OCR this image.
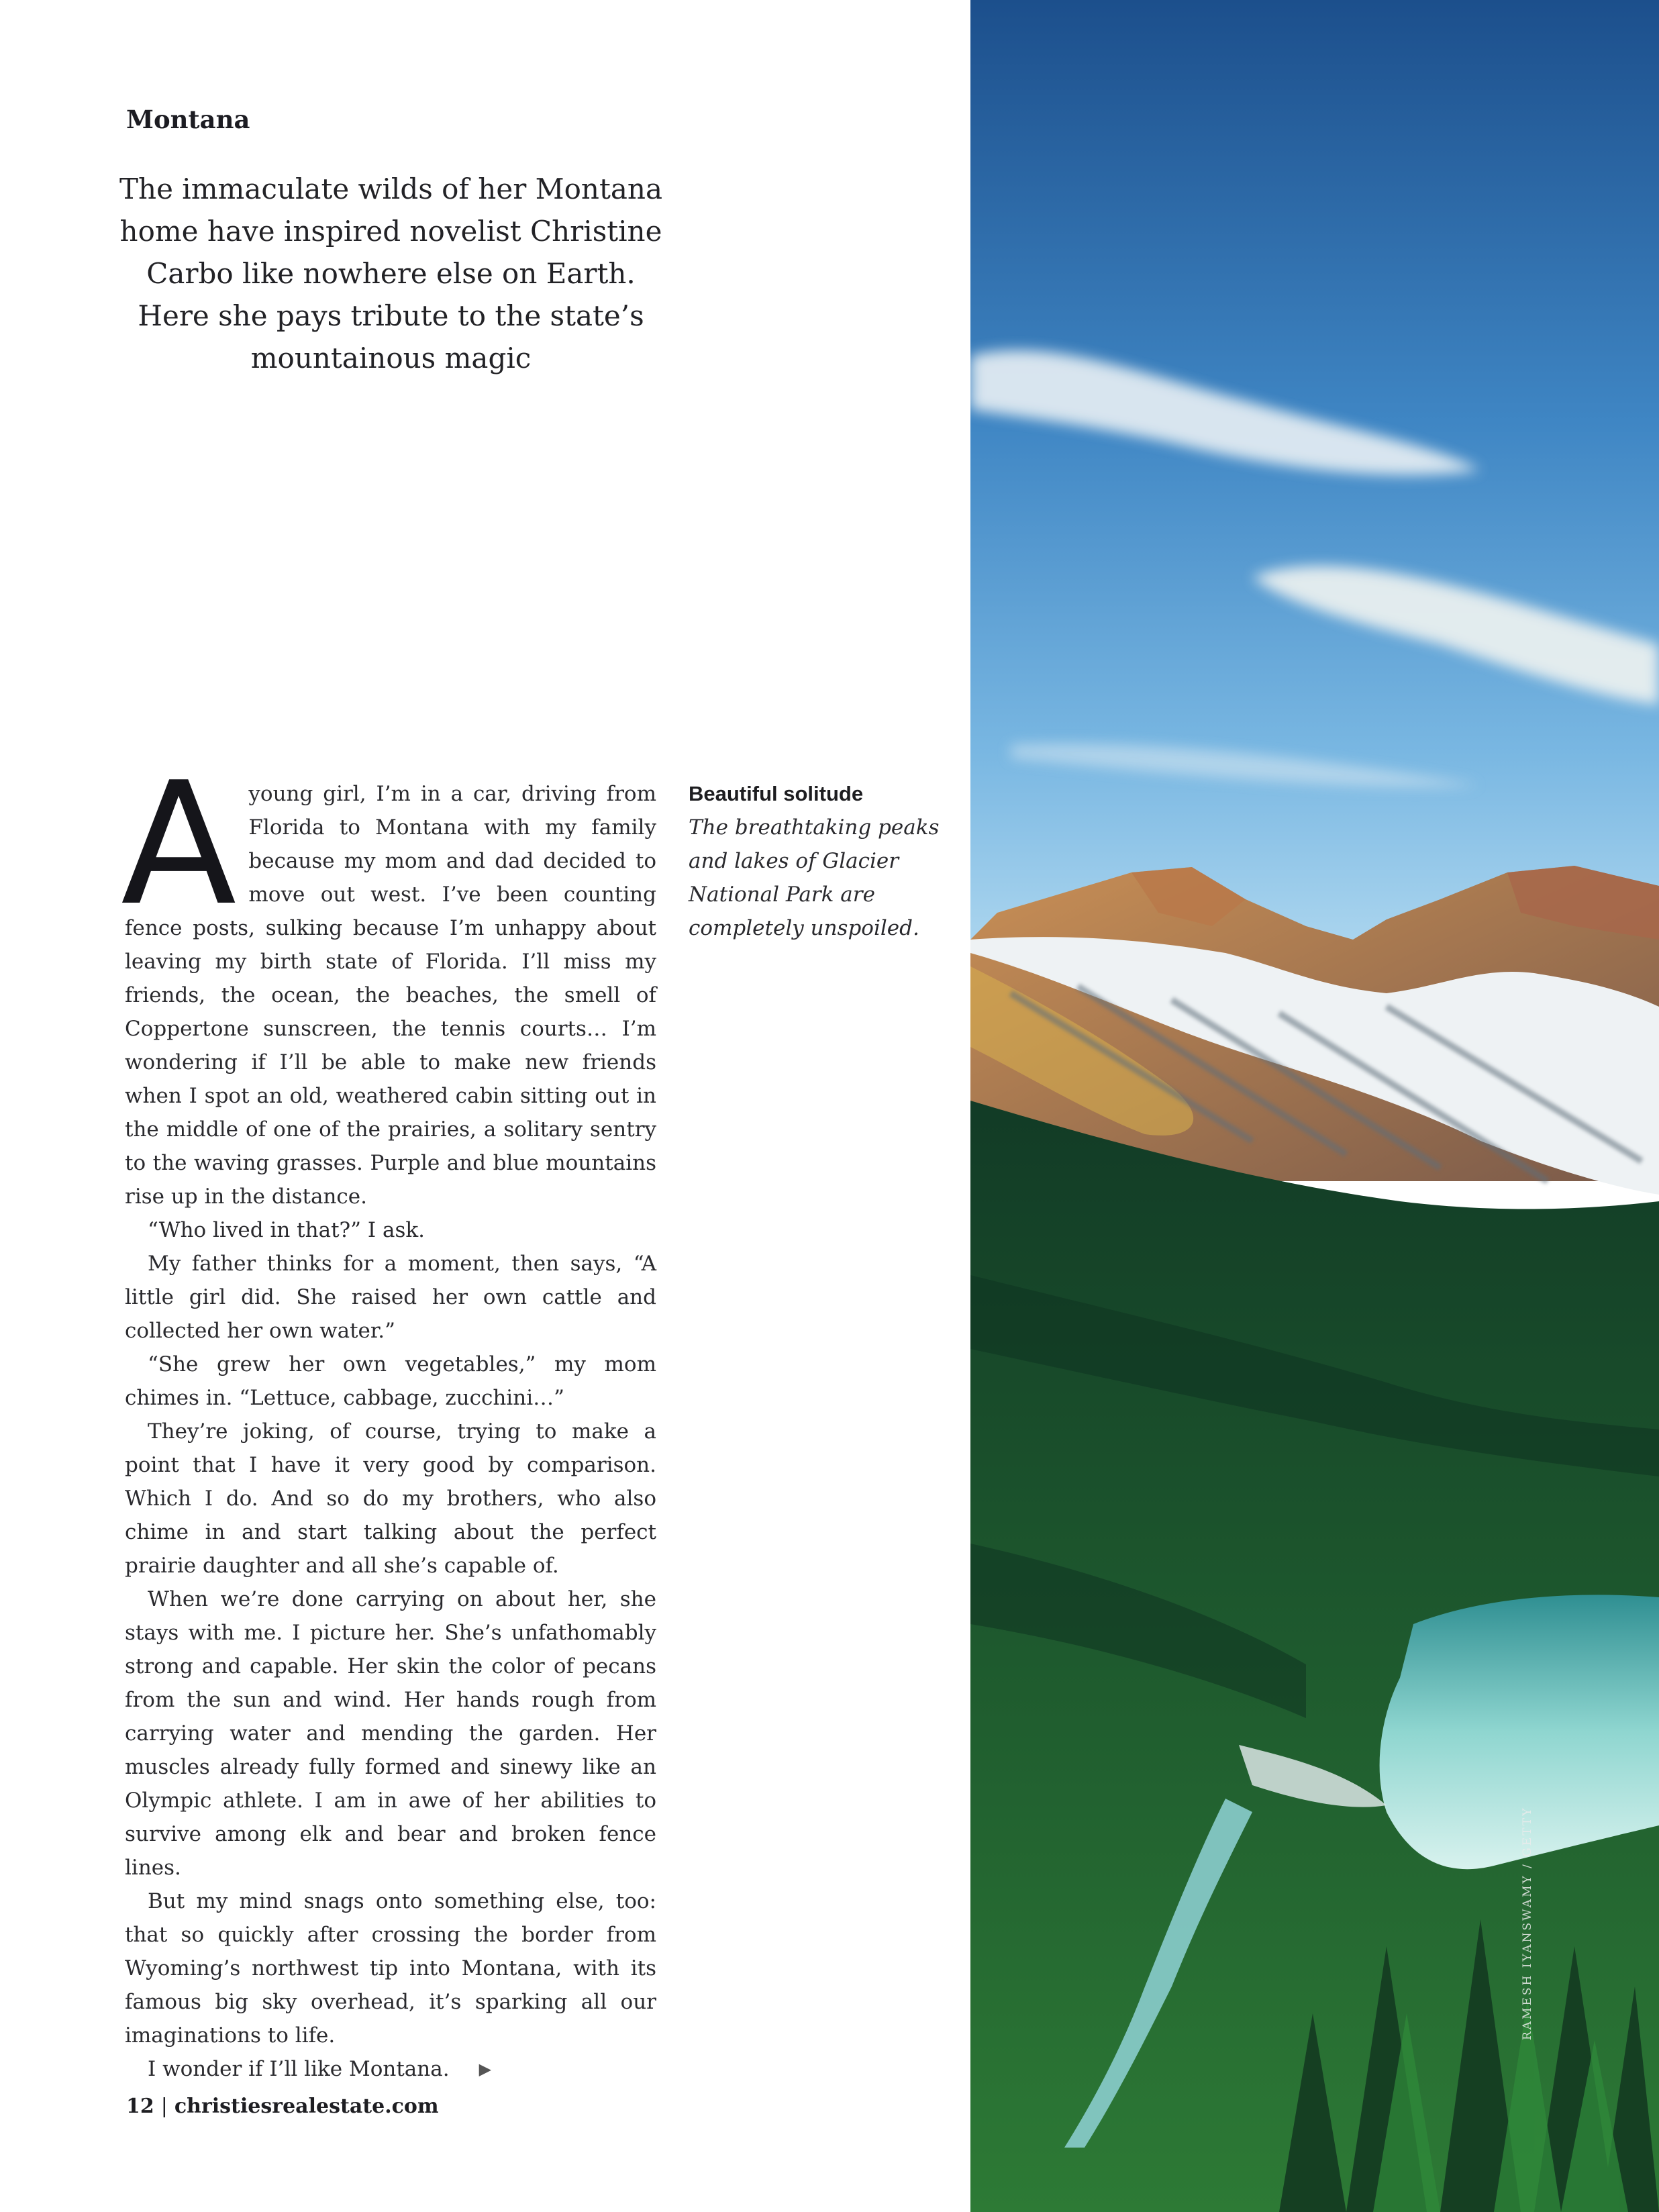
Montana
The immaculate wilds of her Montana home have inspired novelist Christine Carbo like nowhere else on Earth. Here she pays tribute to the state’s mountainous magic

A young girl, I’m in a car, driving from Florida to Montana with my family because my mom and dad decided to move out west. I’ve been counting fence posts, sulking because I’m unhappy about leaving my birth state of Florida. I’ll miss my friends, the ocean, the beaches, the smell of Coppertone sunscreen, the tennis courts… I’m wondering if I’ll be able to make new friends when I spot an old, weathered cabin sitting out in the middle of one of the prairies, a solitary sentry to the waving grasses. Purple and blue mountains rise up in the distance.

“Who lived in that?” I ask.

My father thinks for a moment, then says, “A little girl did. She raised her own cattle and collected her own water.”

“She grew her own vegetables,” my mom chimes in. “Lettuce, cabbage, zucchini…”

They’re joking, of course, trying to make a point that I have it very good by comparison. Which I do. And so do my brothers, who also chime in and start talking about the perfect prairie daughter and all she’s capable of.

When we’re done carrying on about her, she stays with me. I picture her. She’s unfathomably strong and capable. Her skin the color of pecans from the sun and wind. Her hands rough from carrying water and mending the garden. Her muscles already fully formed and sinewy like an Olympic athlete. I am in awe of her abilities to survive among elk and bear and broken fence lines.

But my mind snags onto something else, too: that so quickly after crossing the border from Wyoming’s northwest tip into Montana, with its famous big sky overhead, it’s sparking all our imaginations to life.

I wonder if I’ll like Montana. ▶

Beautiful solitude
The breathtaking peaks and lakes of Glacier National Park are completely unspoiled.
12 | christiesrealestate.com
RAMESH IYANSWAMY / GETTY
